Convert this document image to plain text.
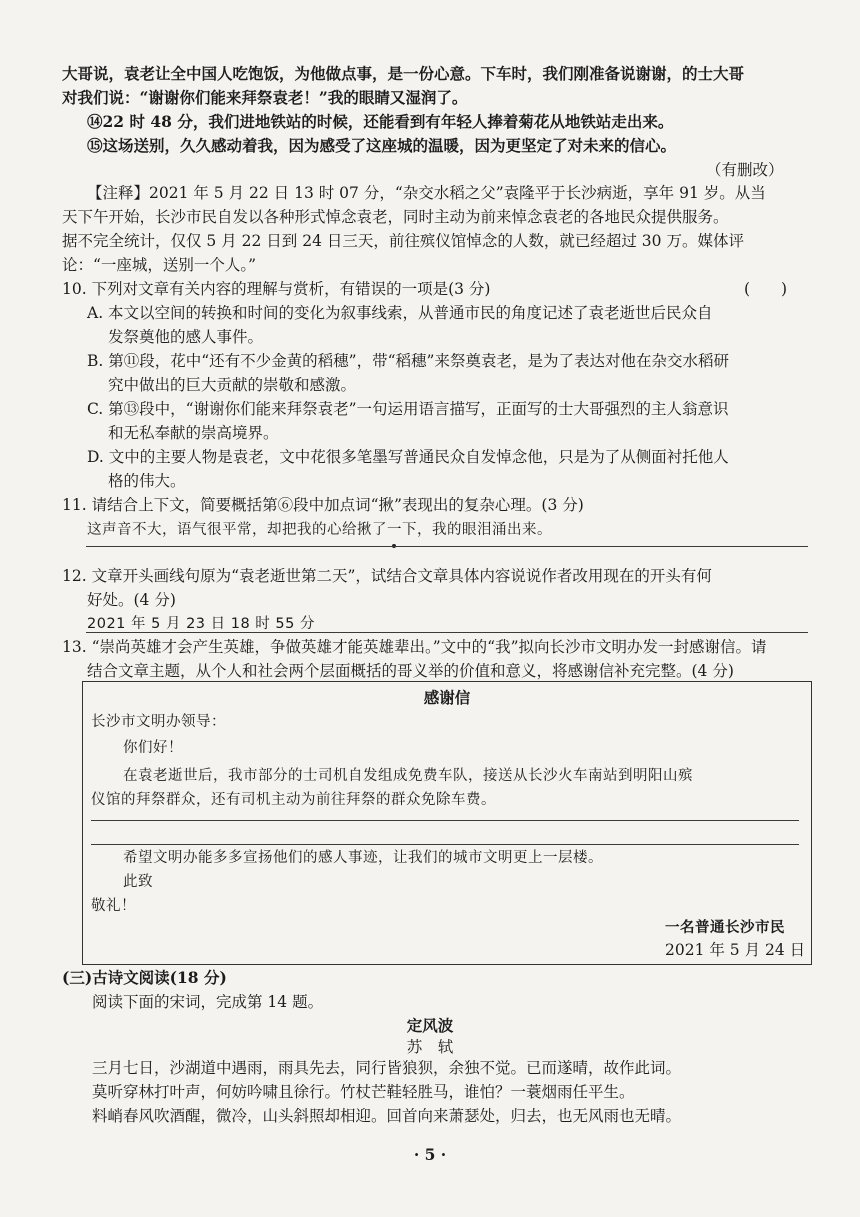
大哥说，袁老让全中国人吃饱饭，为他做点事，是一份心意。下车时，我们刚准备说谢谢，的士大哥
对我们说：“谢谢你们能来拜祭袁老！”我的眼睛又湿润了。
⑭22 时 48 分，我们进地铁站的时候，还能看到有年轻人捧着菊花从地铁站走出来。
⑮这场送别，久久感动着我，因为感受了这座城的温暖，因为更坚定了对未来的信心。
（有删改）
【注释】2021 年 5 月 22 日 13 时 07 分，“杂交水稻之父”袁隆平于长沙病逝，享年 91 岁。从当
天下午开始，长沙市民自发以各种形式悼念袁老，同时主动为前来悼念袁老的各地民众提供服务。
据不完全统计，仅仅 5 月 22 日到 24 日三天，前往殡仪馆悼念的人数，就已经超过 30 万。媒体评
论：“一座城，送别一个人。”
10. 下列对文章有关内容的理解与赏析，有错误的一项是(3 分)	(　　)
A. 本文以空间的转换和时间的变化为叙事线索，从普通市民的角度记述了袁老逝世后民众自
发祭奠他的感人事件。
B. 第⑪段，花中“还有不少金黄的稻穗”，带“稻穗”来祭奠袁老，是为了表达对他在杂交水稻研
究中做出的巨大贡献的崇敬和感激。
C. 第⑬段中，“谢谢你们能来拜祭袁老”一句运用语言描写，正面写的士大哥强烈的主人翁意识
和无私奉献的崇高境界。
D. 文中的主要人物是袁老，文中花很多笔墨写普通民众自发悼念他，只是为了从侧面衬托他人
格的伟大。
11. 请结合上下文，简要概括第⑥段中加点词“揪”表现出的复杂心理。(3 分)
这声音不大，语气很平常，却把我的心给揪了一下，我的眼泪涌出来。
12. 文章开头画线句原为“袁老逝世第二天”，试结合文章具体内容说说作者改用现在的开头有何
好处。(4 分)
2021 年 5 月 23 日 18 时 55 分
13. “崇尚英雄才会产生英雄，争做英雄才能英雄辈出。”文中的“我”拟向长沙市文明办发一封感谢信。请
结合文章主题，从个人和社会两个层面概括的哥义举的价值和意义，将感谢信补充完整。(4 分)
感谢信
长沙市文明办领导：
你们好！
在袁老逝世后，我市部分的士司机自发组成免费车队，接送从长沙火车南站到明阳山殡
仪馆的拜祭群众，还有司机主动为前往拜祭的群众免除车费。
希望文明办能多多宣扬他们的感人事迹，让我们的城市文明更上一层楼。
此致
敬礼！
一名普通长沙市民
2021 年 5 月 24 日
(三)古诗文阅读(18 分)
阅读下面的宋词，完成第 14 题。
定风波
苏　轼
三月七日，沙湖道中遇雨，雨具先去，同行皆狼狈，余独不觉。已而遂晴，故作此词。
莫听穿林打叶声，何妨吟啸且徐行。竹杖芒鞋轻胜马，谁怕？一蓑烟雨任平生。
料峭春风吹酒醒，微冷，山头斜照却相迎。回首向来萧瑟处，归去，也无风雨也无晴。
· 5 ·
